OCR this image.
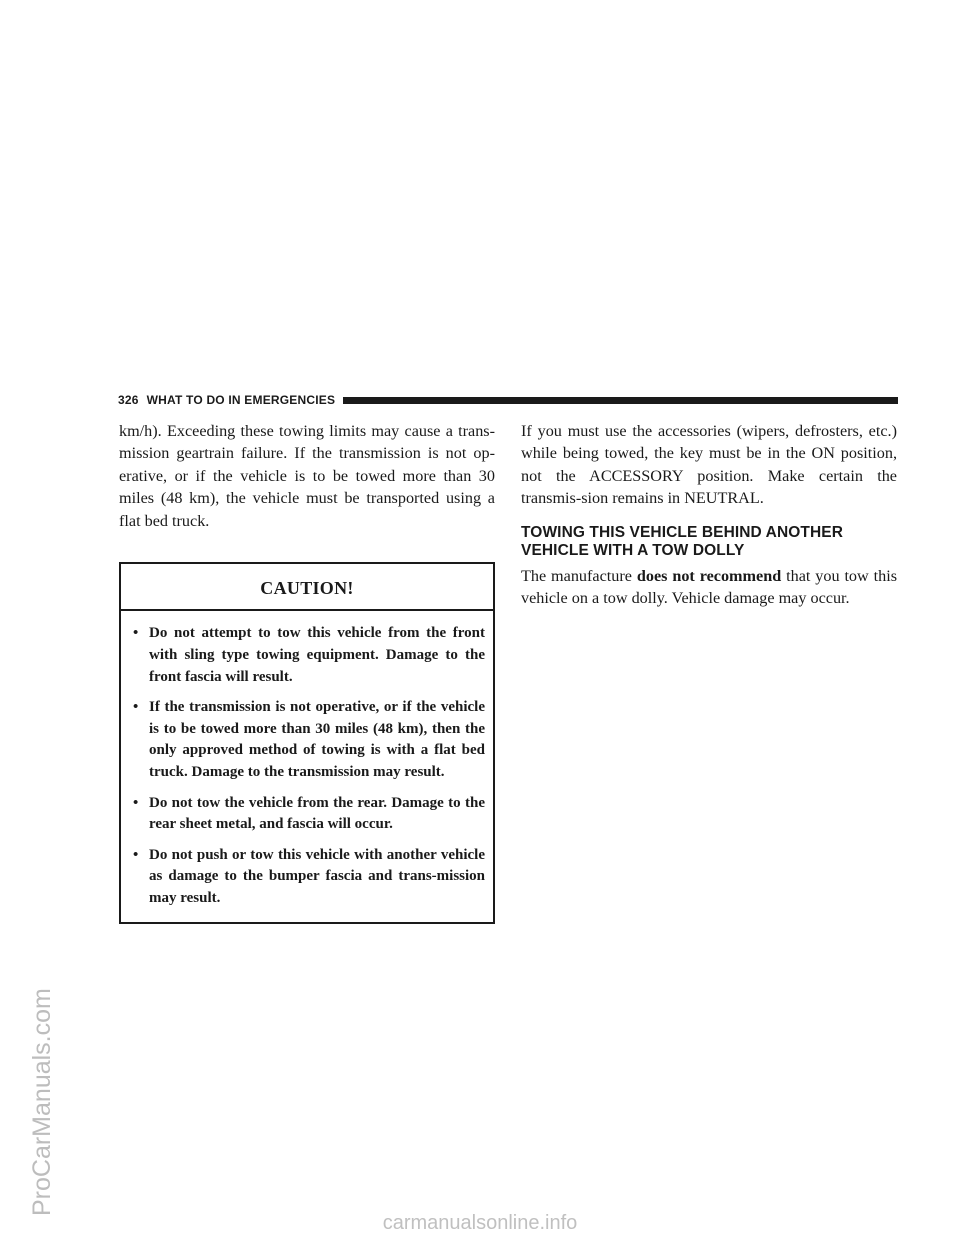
ProCarManuals.com
326 WHAT TO DO IN EMERGENCIES

km/h). Exceeding these towing limits may cause a trans-mission geartrain failure. If the transmission is not op-erative, or if the vehicle is to be towed more than 30 miles (48 km), the vehicle must be transported using a flat bed truck.

CAUTION!
• Do not attempt to tow this vehicle from the front with sling type towing equipment. Damage to the front fascia will result.
• If the transmission is not operative, or if the vehicle is to be towed more than 30 miles (48 km), then the only approved method of towing is with a flat bed truck. Damage to the transmission may result.
• Do not tow the vehicle from the rear. Damage to the rear sheet metal, and fascia will occur.
• Do not push or tow this vehicle with another vehicle as damage to the bumper fascia and trans-mission may result.

If you must use the accessories (wipers, defrosters, etc.) while being towed, the key must be in the ON position, not the ACCESSORY position. Make certain the transmis-sion remains in NEUTRAL.

TOWING THIS VEHICLE BEHIND ANOTHER VEHICLE WITH A TOW DOLLY

The manufacture does not recommend that you tow this vehicle on a tow dolly. Vehicle damage may occur.

carmanualsonline.info
